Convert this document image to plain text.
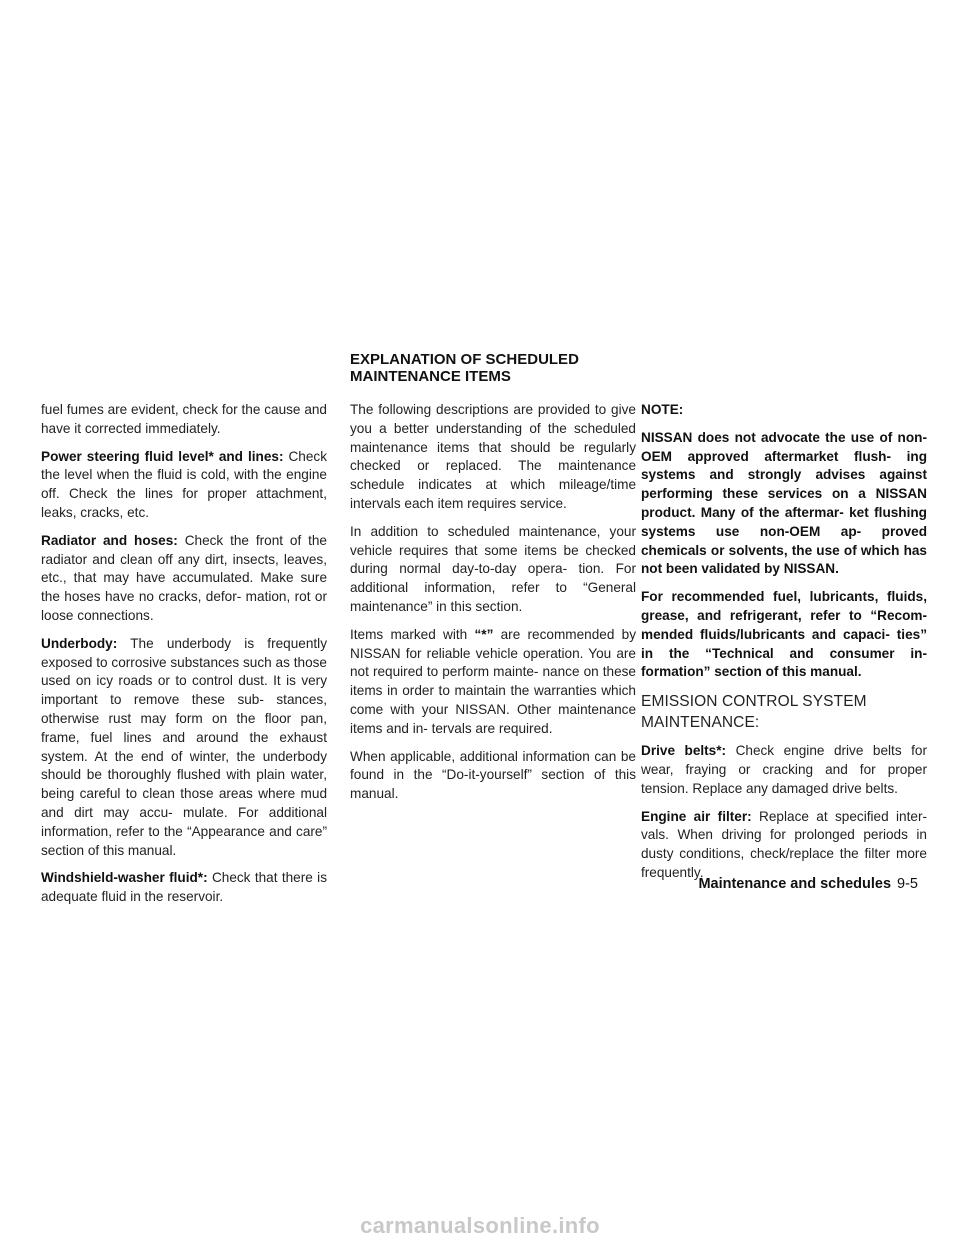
EXPLANATION OF SCHEDULED
MAINTENANCE ITEMS

fuel fumes are evident, check for the cause and have it corrected immediately.

Power steering fluid level* and lines: Check the level when the fluid is cold, with the engine off. Check the lines for proper attachment, leaks, cracks, etc.

Radiator and hoses: Check the front of the radiator and clean off any dirt, insects, leaves, etc., that may have accumulated. Make sure the hoses have no cracks, defor- mation, rot or loose connections.

Underbody: The underbody is frequently exposed to corrosive substances such as those used on icy roads or to control dust. It is very important to remove these sub- stances, otherwise rust may form on the floor pan, frame, fuel lines and around the exhaust system. At the end of winter, the underbody should be thoroughly flushed with plain water, being careful to clean those areas where mud and dirt may accu- mulate. For additional information, refer to the “Appearance and care” section of this manual.

Windshield-washer fluid*: Check that there is adequate fluid in the reservoir.

The following descriptions are provided to give you a better understanding of the scheduled maintenance items that should be regularly checked or replaced. The maintenance schedule indicates at which mileage/time intervals each item requires service.

In addition to scheduled maintenance, your vehicle requires that some items be checked during normal day-to-day opera- tion. For additional information, refer to “General maintenance” in this section.

Items marked with “*” are recommended by NISSAN for reliable vehicle operation. You are not required to perform mainte- nance on these items in order to maintain the warranties which come with your NISSAN. Other maintenance items and in- tervals are required.

When applicable, additional information can be found in the “Do-it-yourself” section of this manual.

NOTE:

NISSAN does not advocate the use of non-OEM approved aftermarket flush- ing systems and strongly advises against performing these services on a NISSAN product. Many of the aftermar- ket flushing systems use non-OEM ap- proved chemicals or solvents, the use of which has not been validated by NISSAN.

For recommended fuel, lubricants, fluids, grease, and refrigerant, refer to “Recom- mended fluids/lubricants and capaci- ties” in the “Technical and consumer in- formation” section of this manual.

EMISSION CONTROL SYSTEM
MAINTENANCE:

Drive belts*: Check engine drive belts for wear, fraying or cracking and for proper tension. Replace any damaged drive belts.

Engine air filter: Replace at specified inter- vals. When driving for prolonged periods in dusty conditions, check/replace the filter more frequently.

Maintenance and schedules 9-5
carmanualsonline.info
